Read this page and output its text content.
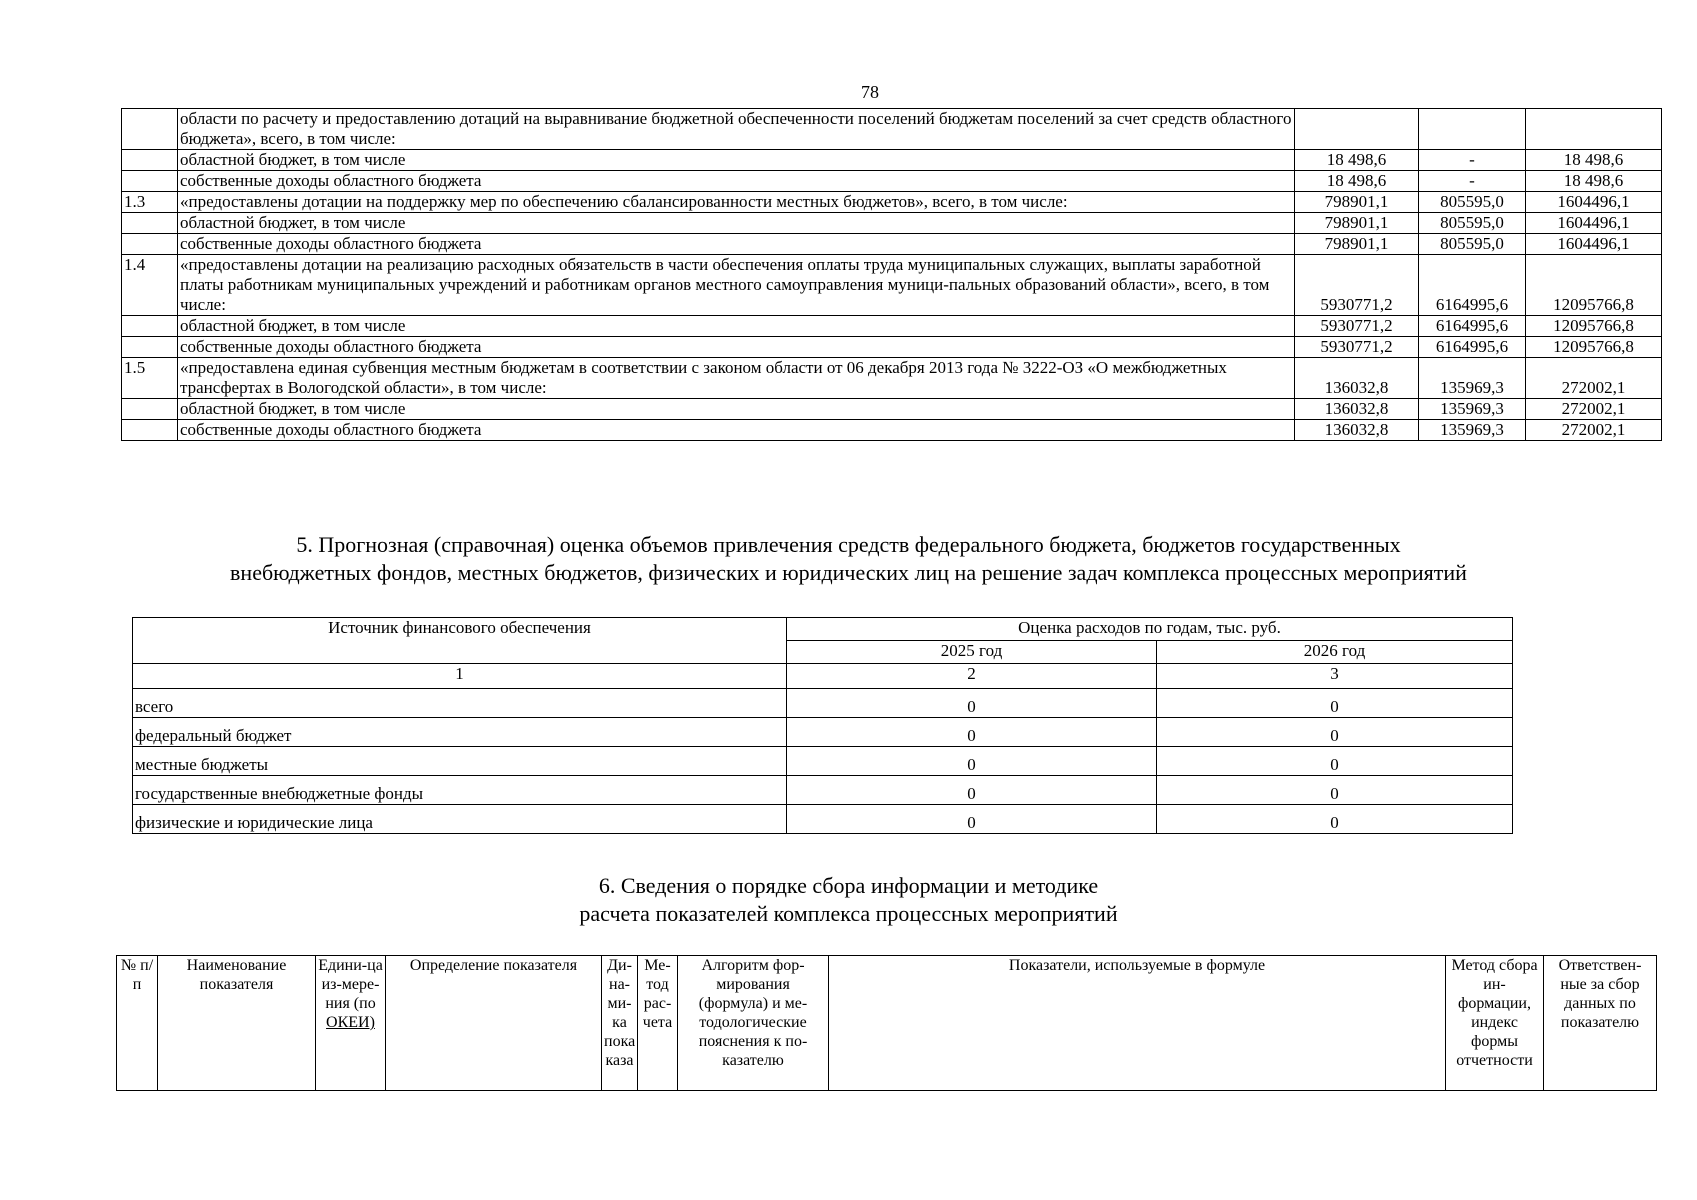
78
	области по расчету и предоставлению дотаций на выравнивание бюджетной обеспеченности поселений бюджетам поселений за счет средств областного бюджета», всего, в том числе:			
	областной бюджет, в том числе	18 498,6	-	18 498,6
	собственные доходы областного бюджета	18 498,6	-	18 498,6
1.3	«предоставлены дотации на поддержку мер по обеспечению сбалансированности местных бюджетов», всего, в том числе:	798901,1	805595,0	1604496,1
	областной бюджет, в том числе	798901,1	805595,0	1604496,1
	собственные доходы областного бюджета	798901,1	805595,0	1604496,1
1.4	«предоставлены дотации на реализацию расходных обязательств в части обеспечения оплаты труда муниципальных служащих, выплаты заработной платы работникам муниципальных учреждений и работникам органов местного самоуправления муници-пальных образований области», всего, в том числе:	5930771,2	6164995,6	12095766,8
	областной бюджет, в том числе	5930771,2	6164995,6	12095766,8
	собственные доходы областного бюджета	5930771,2	6164995,6	12095766,8
1.5	«предоставлена единая субвенция местным бюджетам в соответствии с законом области от 06 декабря 2013 года № 3222-ОЗ «О межбюджетных трансфертах в Вологодской области», в том числе:	136032,8	135969,3	272002,1
	областной бюджет, в том числе	136032,8	135969,3	272002,1
	собственные доходы областного бюджета	136032,8	135969,3	272002,1
5. Прогнозная (справочная) оценка объемов привлечения средств федерального бюджета, бюджетов государственных
внебюджетных фондов, местных бюджетов, физических и юридических лиц на решение задач комплекса процессных мероприятий
Источник финансового обеспечения	Оценка расходов по годам, тыс. руб.	
	2025 год	2026 год
1	2	3
всего	0	0
федеральный бюджет	0	0
местные бюджеты	0	0
государственные внебюджетные фонды	0	0
физические и юридические лица	0	0
6. Сведения о порядке сбора информации и методике
расчета показателей комплекса процессных мероприятий
№ п/п	Наименование показателя	Едини-ца из-мере-ния (по ОКЕИ)	Определение показателя	Ди-на-ми-ка пока каза	Ме-тод рас-чета	Алгоритм фор-мирования (формула) и ме-тодологические пояснения к по-казателю	Показатели, используемые в формуле	Метод сбора ин-формации, индекс формы отчетности	Ответствен-ные за сбор данных по показателю
